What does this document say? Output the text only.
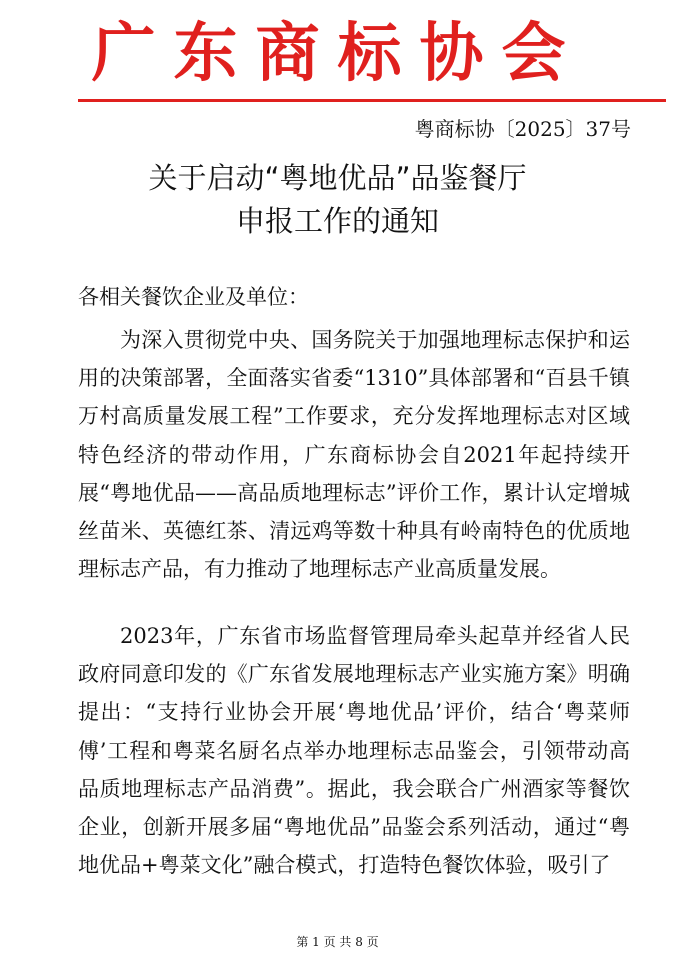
广东商标协会
粤商标协〔2025〕37号
关于启动“粤地优品”品鉴餐厅
申报工作的通知
各相关餐饮企业及单位：

为深入贯彻党中央、国务院关于加强地理标志保护和运用的决策部署，全面落实省委“1310”具体部署和“百县千镇万村高质量发展工程”工作要求，充分发挥地理标志对区域特色经济的带动作用，广东商标协会自2021年起持续开展“粤地优品——高品质地理标志”评价工作，累计认定增城丝苗米、英德红茶、清远鸡等数十种具有岭南特色的优质地理标志产品，有力推动了地理标志产业高质量发展。

2023年，广东省市场监督管理局牵头起草并经省人民政府同意印发的《广东省发展地理标志产业实施方案》明确提出：“支持行业协会开展‘粤地优品’评价，结合‘粤菜师傅’工程和粤菜名厨名点举办地理标志品鉴会，引领带动高品质地理标志产品消费”。据此，我会联合广州酒家等餐饮企业，创新开展多届“粤地优品”品鉴会系列活动，通过“粤地优品+粤菜文化”融合模式，打造特色餐饮体验，吸引了

第 1 页 共 8 页
